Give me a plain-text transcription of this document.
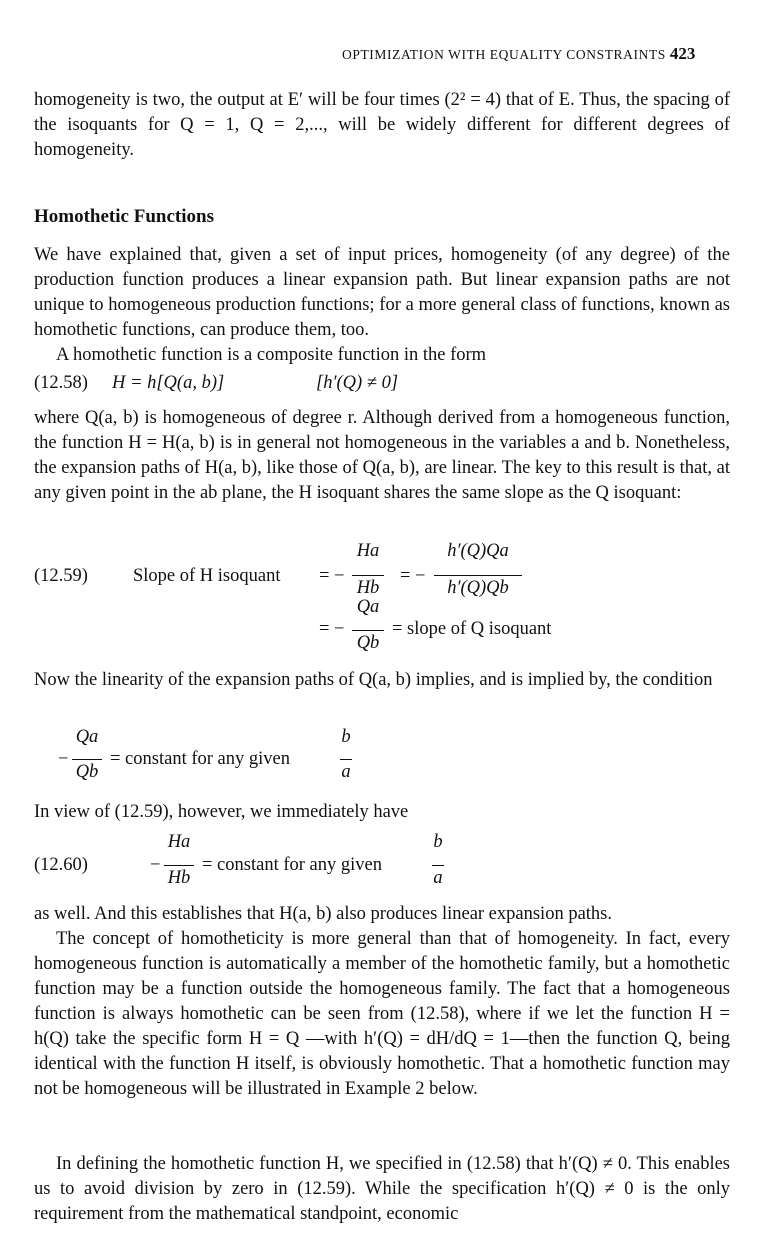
OPTIMIZATION WITH EQUALITY CONSTRAINTS 423

homogeneity is two, the output at E′ will be four times (2² = 4) that of E. Thus, the spacing of the isoquants for Q = 1, Q = 2,..., will be widely different for different degrees of homogeneity.

Homothetic Functions

We have explained that, given a set of input prices, homogeneity (of any degree) of the production function produces a linear expansion path. But linear expansion paths are not unique to homogeneous production functions; for a more general class of functions, known as homothetic functions, can produce them, too.

A homothetic function is a composite function in the form

(12.58) H = h[Q(a, b)]	[h′(Q) ≠ 0]

where Q(a, b) is homogeneous of degree r. Although derived from a homogeneous function, the function H = H(a, b) is in general not homogeneous in the variables a and b. Nonetheless, the expansion paths of H(a, b), like those of Q(a, b), are linear. The key to this result is that, at any given point in the ab plane, the H isoquant shares the same slope as the Q isoquant:

(12.59) Slope of H isoquant = −
Ha
Hb
= −
h′(Q)Qa
h′(Q)Qb
= −
Qa
Qb
= slope of Q isoquant

Now the linearity of the expansion paths of Q(a, b) implies, and is implied by, the condition

−
Qa
Qb
= constant for any given
b
a

In view of (12.59), however, we immediately have

(12.60)	−
Ha
Hb
= constant for any given
b
a

as well. And this establishes that H(a, b) also produces linear expansion paths.

The concept of homotheticity is more general than that of homogeneity. In fact, every homogeneous function is automatically a member of the homothetic family, but a homothetic function may be a function outside the homogeneous family. The fact that a homogeneous function is always homothetic can be seen from (12.58), where if we let the function H = h(Q) take the specific form H = Q —with h′(Q) = dH/dQ = 1—then the function Q, being identical with the function H itself, is obviously homothetic. That a homothetic function may not be homogeneous will be illustrated in Example 2 below.

In defining the homothetic function H, we specified in (12.58) that h′(Q) ≠ 0. This enables us to avoid division by zero in (12.59). While the specification h′(Q) ≠ 0 is the only requirement from the mathematical standpoint, economic
